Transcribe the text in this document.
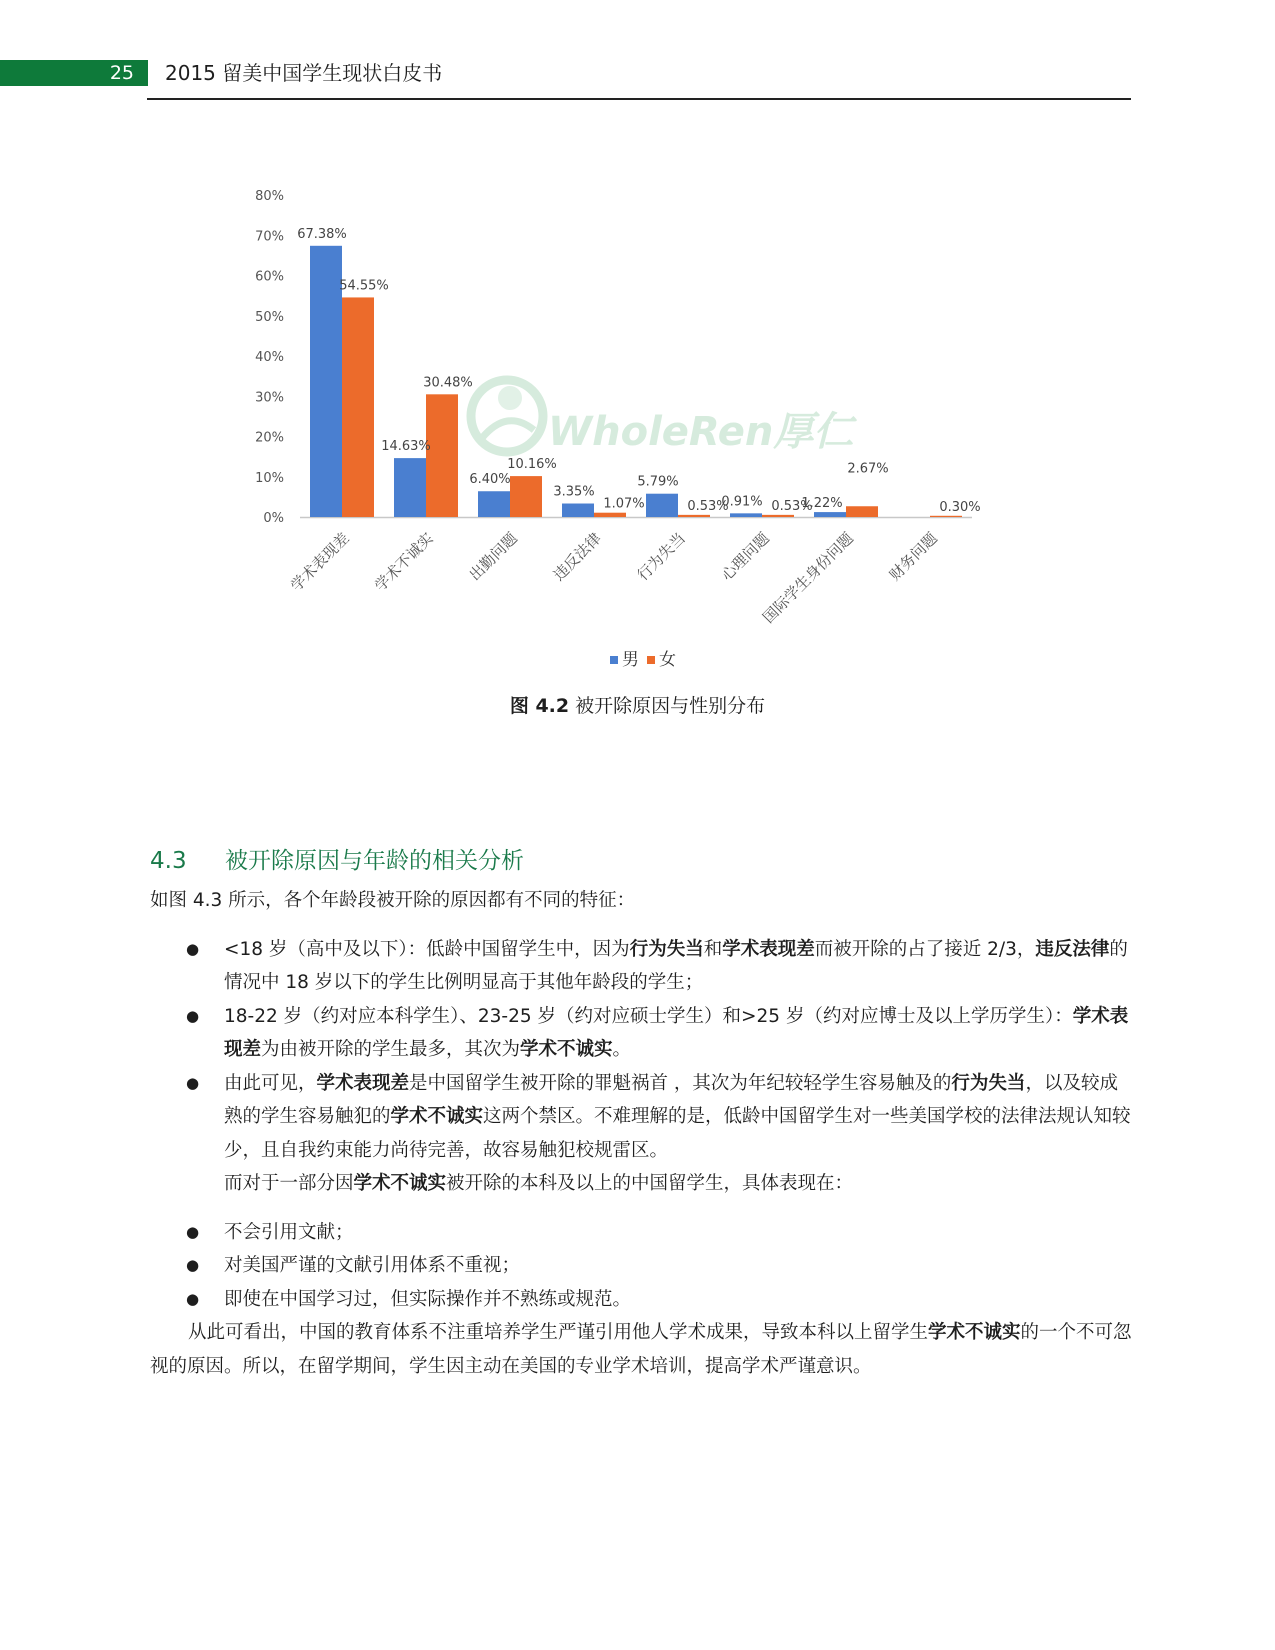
25	2015 留美中国学生现状白皮书
WholeRen厚仁
0%
10%
20%
30%
40%
50%
60%
70%
80%
67.38%
14.63%
6.40%
3.35%
5.79%
0.91%	1.22%
54.55%
30.48%
10.16%
1.07%	0.53%	0.53%
2.67%
0.30%
学术表现差 学术不诚实 出勤问题 违反法律 行为失当 心理问题
国际学生身份问题 财务问题
男 女
图 4.2 被开除原因与性别分布
4.3 被开除原因与年龄的相关分析

如图 4.3 所示，各个年龄段被开除的原因都有不同的特征：

● <18 岁（高中及以下）：低龄中国留学生中，因为行为失当和学术表现差而被开除的占了接近 2/3，违反法律的情况中 18 岁以下的学生比例明显高于其他年龄段的学生；
● 18-22 岁（约对应本科学生）、23-25 岁（约对应硕士学生）和>25 岁（约对应博士及以上学历学生）：学术表现差为由被开除的学生最多，其次为学术不诚实。
● 由此可见，学术表现差是中国留学生被开除的罪魁祸首 ，其次为年纪较轻学生容易触及的行为失当，以及较成熟的学生容易触犯的学术不诚实这两个禁区。不难理解的是，低龄中国留学生对一些美国学校的法律法规认知较少，且自我约束能力尚待完善，故容易触犯校规雷区。

而对于一部分因学术不诚实被开除的本科及以上的中国留学生，具体表现在：

● 不会引用文献；
● 对美国严谨的文献引用体系不重视；
● 即使在中国学习过，但实际操作并不熟练或规范。

从此可看出，中国的教育体系不注重培养学生严谨引用他人学术成果，导致本科以上留学生学术不诚实的一个不可忽视的原因。所以，在留学期间，学生因主动在美国的专业学术培训，提高学术严谨意识。
